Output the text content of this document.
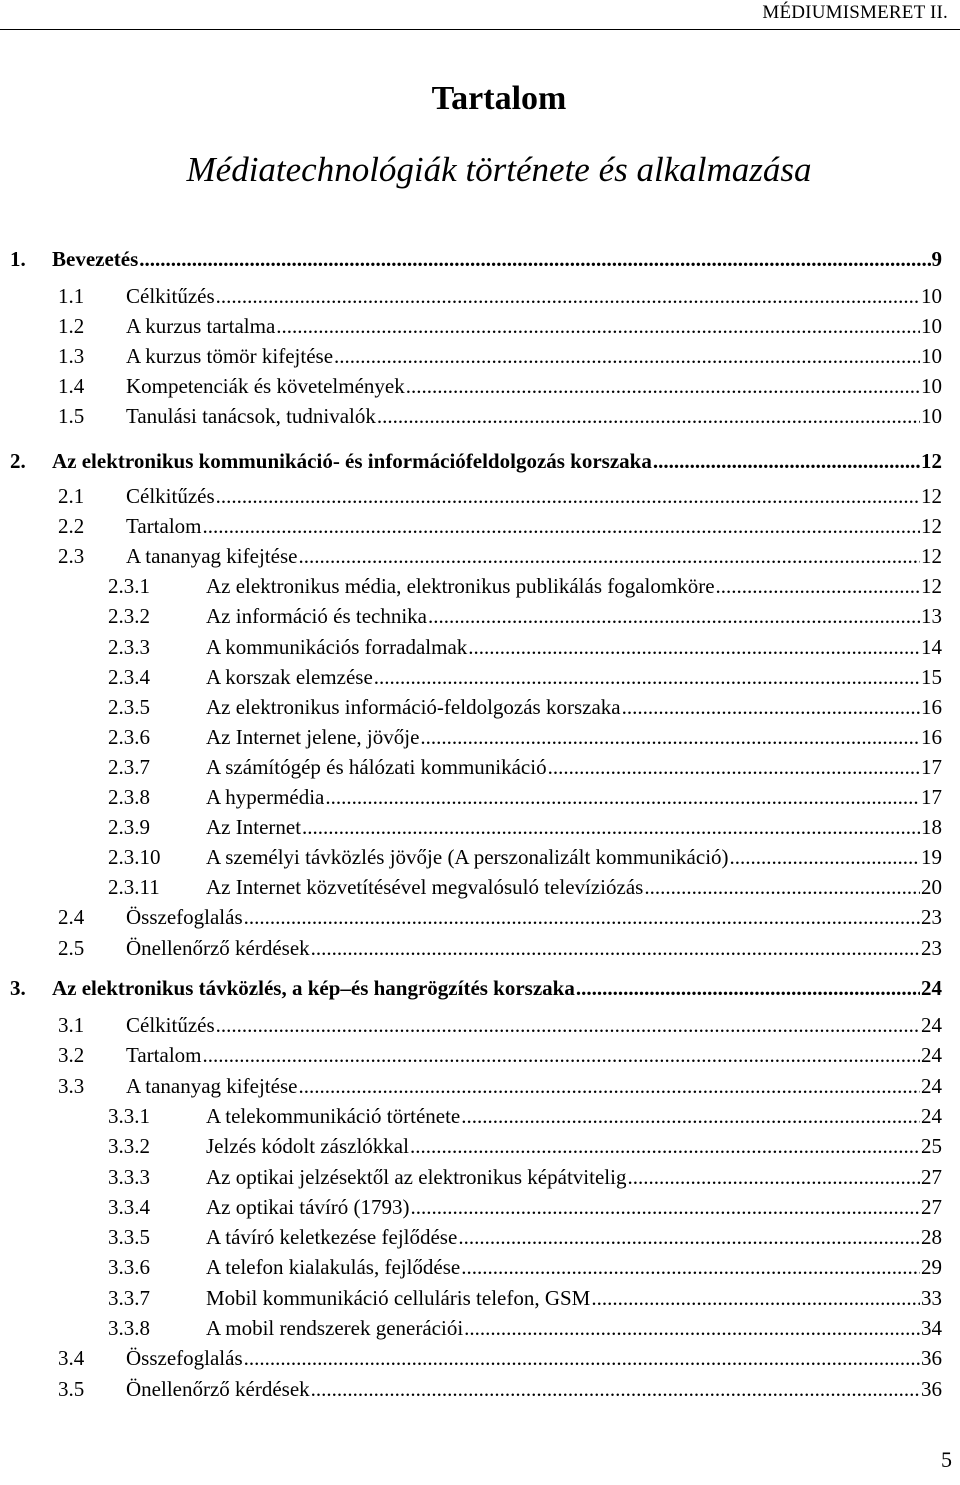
MÉDIUMISMERET II.
Tartalom
Médiatechnológiák története és alkalmazása
1.	Bevezetés .....	9
1.1	Célkitűzés .....	10
1.2	A kurzus tartalma .....	10
1.3	A kurzus tömör kifejtése .....	10
1.4	Kompetenciák és követelmények .....	10
1.5	Tanulási tanácsok, tudnivalók .....	10
2.	Az elektronikus kommunikáció- és információfeldolgozás korszaka .....	12
2.1	Célkitűzés .....	12
2.2	Tartalom .....	12
2.3	A tananyag kifejtése .....	12
2.3.1	Az elektronikus média, elektronikus publikálás fogalomköre .....	12
2.3.2	Az információ és technika .....	13
2.3.3	A kommunikációs forradalmak .....	14
2.3.4	A korszak elemzése .....	15
2.3.5	Az elektronikus információ-feldolgozás korszaka .....	16
2.3.6	Az Internet jelene, jövője .....	16
2.3.7	A számítógép és hálózati kommunikáció .....	17
2.3.8	A hypermédia .....	17
2.3.9	Az Internet .....	18
2.3.10	A személyi távközlés jövője (A perszonalizált kommunikáció) .....	19
2.3.11	Az Internet közvetítésével megvalósuló televíziózás .....	20
2.4	Összefoglalás .....	23
2.5	Önellenőrző kérdések .....	23
3.	Az elektronikus távközlés, a kép–és hangrögzítés korszaka .....	24
3.1	Célkitűzés .....	24
3.2	Tartalom .....	24
3.3	A tananyag kifejtése .....	24
3.3.1	A telekommunikáció története .....	24
3.3.2	Jelzés kódolt zászlókkal .....	25
3.3.3	Az optikai jelzésektől az elektronikus képátvitelig .....	27
3.3.4	Az optikai távíró (1793) .....	27
3.3.5	A távíró keletkezése fejlődése .....	28
3.3.6	A telefon kialakulás, fejlődése .....	29
3.3.7	Mobil kommunikáció celluláris telefon, GSM .....	33
3.3.8	A mobil rendszerek generációi .....	34
3.4	Összefoglalás .....	36
3.5	Önellenőrző kérdések .....	36
5
